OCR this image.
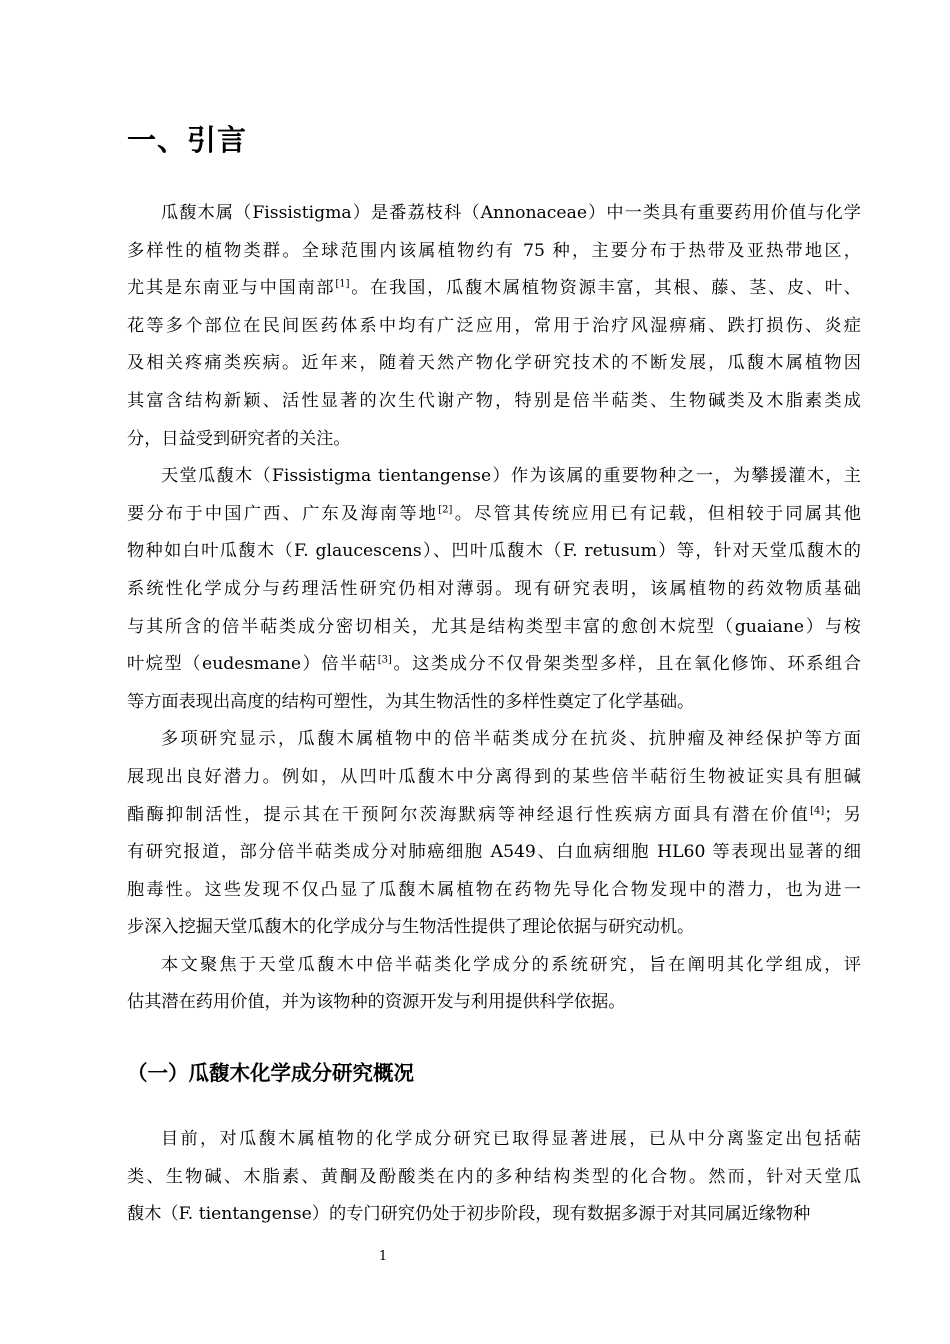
一、引言
瓜馥木属（Fissistigma）是番荔枝科（Annonaceae）中一类具有重要药用价值与化学
多样性的植物类群。全球范围内该属植物约有 75 种，主要分布于热带及亚热带地区，
尤其是东南亚与中国南部[1]。在我国，瓜馥木属植物资源丰富，其根、藤、茎、皮、叶、
花等多个部位在民间医药体系中均有广泛应用，常用于治疗风湿痹痛、跌打损伤、炎症
及相关疼痛类疾病。近年来，随着天然产物化学研究技术的不断发展，瓜馥木属植物因
其富含结构新颖、活性显著的次生代谢产物，特别是倍半萜类、生物碱类及木脂素类成
分，日益受到研究者的关注。
天堂瓜馥木（Fissistigma tientangense）作为该属的重要物种之一，为攀援灌木，主
要分布于中国广西、广东及海南等地[2]。尽管其传统应用已有记载，但相较于同属其他
物种如白叶瓜馥木（F. glaucescens）、凹叶瓜馥木（F. retusum）等，针对天堂瓜馥木的
系统性化学成分与药理活性研究仍相对薄弱。现有研究表明，该属植物的药效物质基础
与其所含的倍半萜类成分密切相关，尤其是结构类型丰富的愈创木烷型（guaiane）与桉
叶烷型（eudesmane）倍半萜[3]。这类成分不仅骨架类型多样，且在氧化修饰、环系组合
等方面表现出高度的结构可塑性，为其生物活性的多样性奠定了化学基础。
多项研究显示，瓜馥木属植物中的倍半萜类成分在抗炎、抗肿瘤及神经保护等方面
展现出良好潜力。例如，从凹叶瓜馥木中分离得到的某些倍半萜衍生物被证实具有胆碱
酯酶抑制活性，提示其在干预阿尔茨海默病等神经退行性疾病方面具有潜在价值[4]；另
有研究报道，部分倍半萜类成分对肺癌细胞 A549、白血病细胞 HL60 等表现出显著的细
胞毒性。这些发现不仅凸显了瓜馥木属植物在药物先导化合物发现中的潜力，也为进一
步深入挖掘天堂瓜馥木的化学成分与生物活性提供了理论依据与研究动机。
本文聚焦于天堂瓜馥木中倍半萜类化学成分的系统研究，旨在阐明其化学组成，评
估其潜在药用价值，并为该物种的资源开发与利用提供科学依据。
（一）瓜馥木化学成分研究概况
目前，对瓜馥木属植物的化学成分研究已取得显著进展，已从中分离鉴定出包括萜
类、生物碱、木脂素、黄酮及酚酸类在内的多种结构类型的化合物。然而，针对天堂瓜
馥木（F. tientangense）的专门研究仍处于初步阶段，现有数据多源于对其同属近缘物种
1
